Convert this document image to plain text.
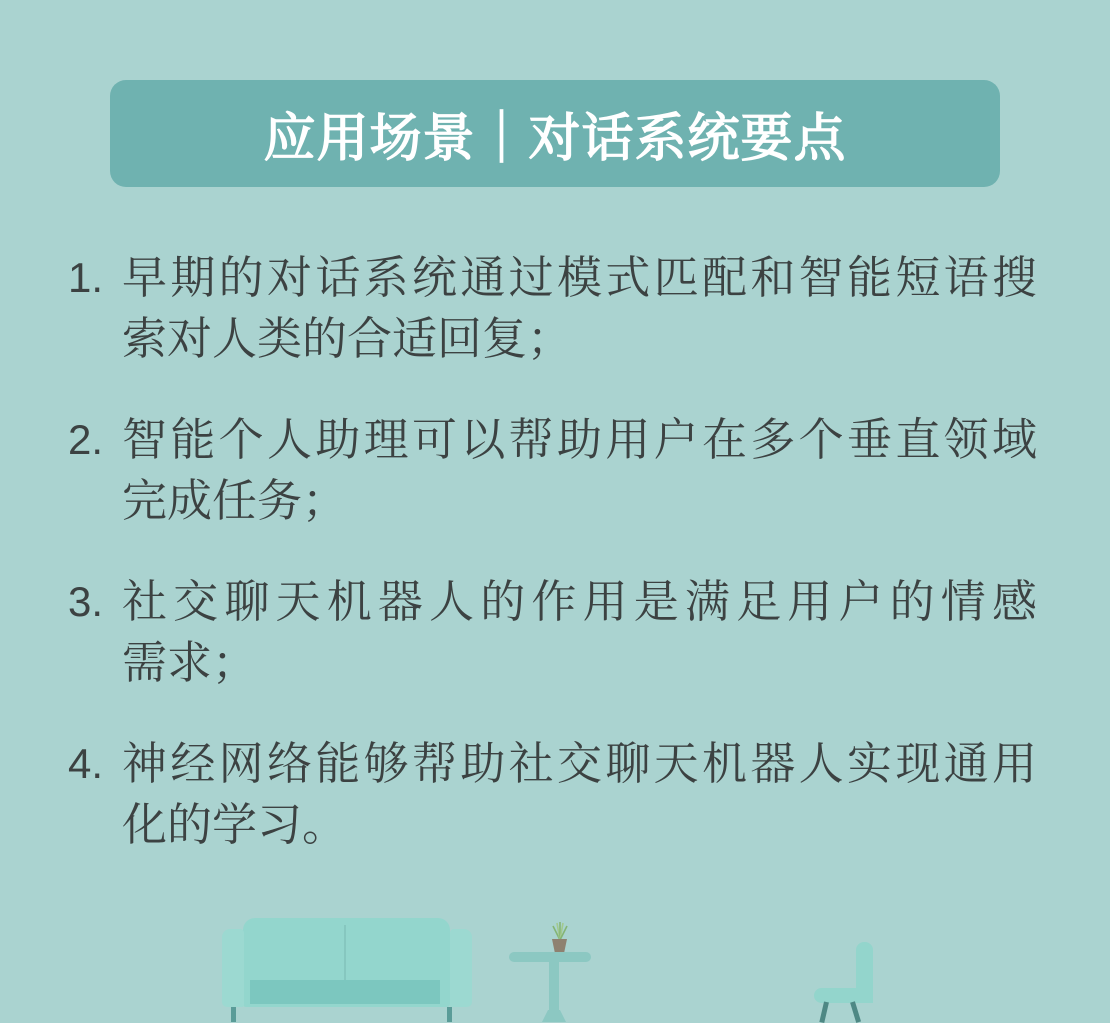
应用场景｜对话系统要点
1. 早期的对话系统通过模式匹配和智能短语搜
索对人类的合适回复；
2. 智能个人助理可以帮助用户在多个垂直领域
完成任务；
3. 社交聊天机器人的作用是满足用户的情感
需求；
4. 神经网络能够帮助社交聊天机器人实现通用
化的学习。
